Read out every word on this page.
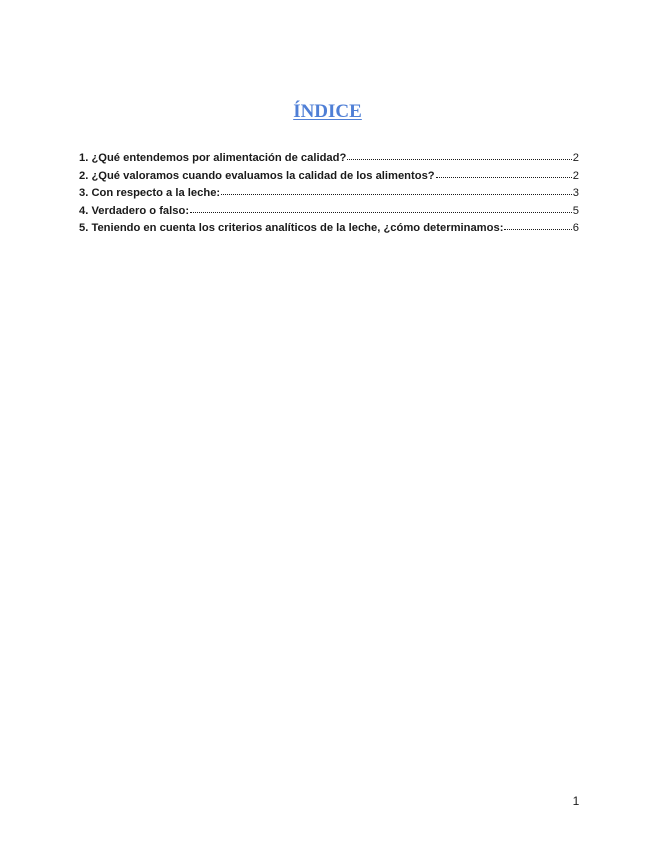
ÍNDICE
1. ¿Qué entendemos por alimentación de calidad?	2
2. ¿Qué valoramos cuando evaluamos la calidad de los alimentos?	2
3. Con respecto a la leche:	3
4. Verdadero o falso:	5
5. Teniendo en cuenta los criterios analíticos de la leche, ¿cómo determinamos:	6
1
